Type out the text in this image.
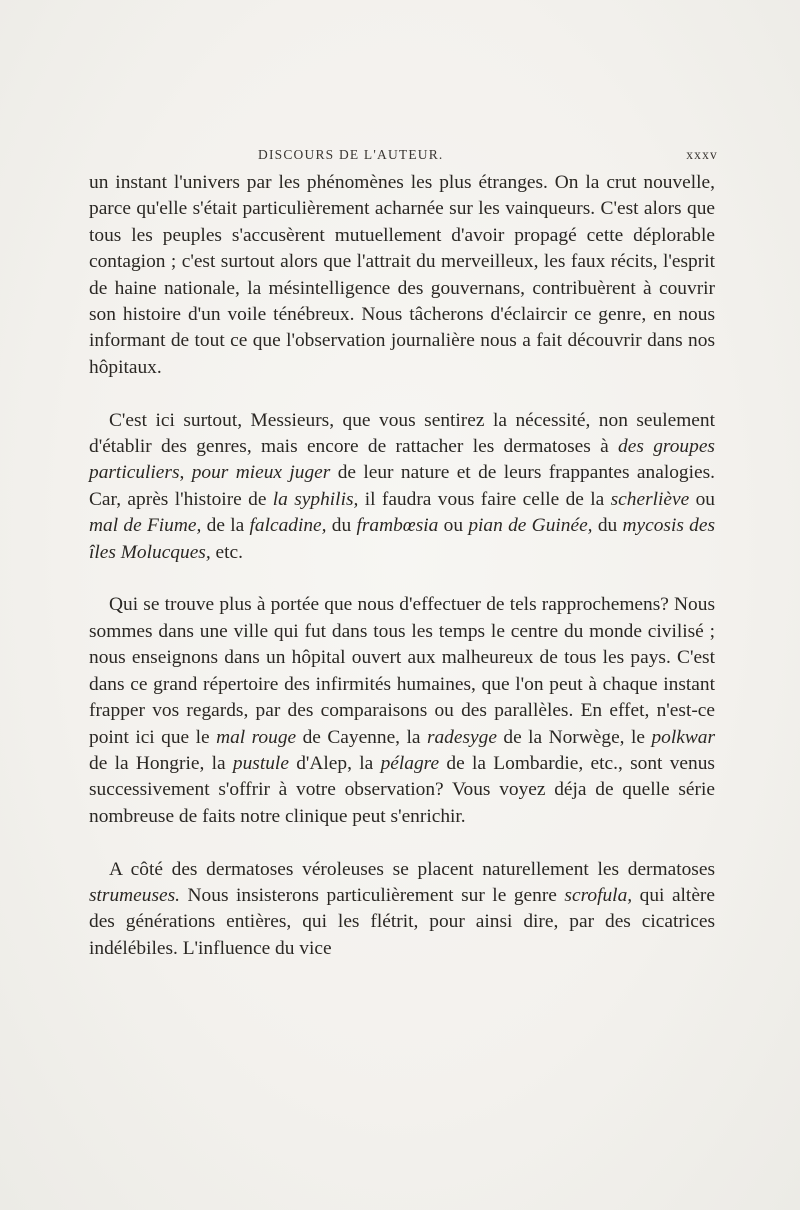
DISCOURS DE L'AUTEUR.	xxxv

un instant l'univers par les phénomènes les plus étranges. On la crut nouvelle, parce qu'elle s'était particulièrement acharnée sur les vainqueurs. C'est alors que tous les peuples s'accusèrent mutuellement d'avoir propagé cette déplorable contagion ; c'est surtout alors que l'attrait du merveilleux, les faux récits, l'esprit de haine nationale, la mésintelligence des gouvernans, contribuèrent à couvrir son histoire d'un voile ténébreux. Nous tâcherons d'éclaircir ce genre, en nous informant de tout ce que l'observation journalière nous a fait découvrir dans nos hôpitaux.

C'est ici surtout, Messieurs, que vous sentirez la nécessité, non seulement d'établir des genres, mais encore de rattacher les dermatoses à des groupes particuliers, pour mieux juger de leur nature et de leurs frappantes analogies. Car, après l'histoire de la syphilis, il faudra vous faire celle de la scherlièvе ou mal de Fiume, de la falcadine, du frambœsia ou pian de Guinée, du mycosis des îles Molucques, etc.

Qui se trouve plus à portée que nous d'effectuer de tels rapprochemens? Nous sommes dans une ville qui fut dans tous les temps le centre du monde civilisé ; nous enseignons dans un hôpital ouvert aux malheureux de tous les pays. C'est dans ce grand répertoire des infirmités humaines, que l'on peut à chaque instant frapper vos regards, par des comparaisons ou des parallèles. En effet, n'est-ce point ici que le mal rouge de Cayenne, la radesyge de la Norwège, le polkwar de la Hongrie, la pustule d'Alep, la pélagre de la Lombardie, etc., sont venus successivement s'offrir à votre observation? Vous voyez déja de quelle série nombreuse de faits notre clinique peut s'enrichir.

A côté des dermatoses véroleuses se placent naturellement les dermatoses strumeuses. Nous insisterons particulièrement sur le genre scrofula, qui altère des générations entières, qui les flétrit, pour ainsi dire, par des cicatrices indélébiles. L'influence du vice
